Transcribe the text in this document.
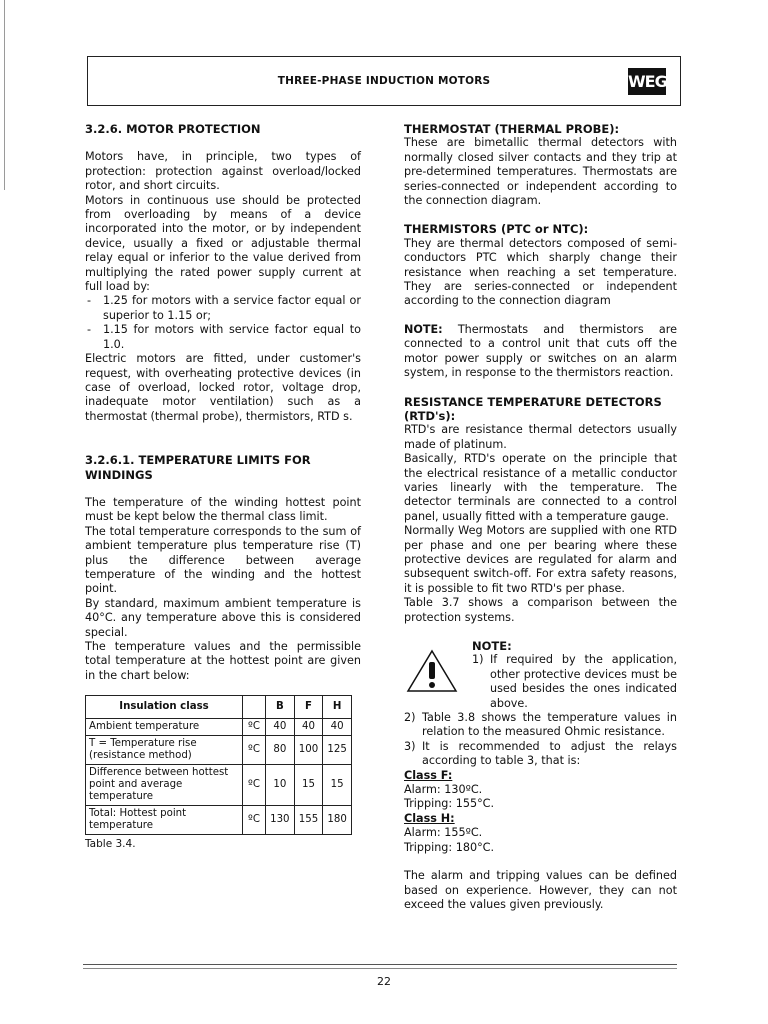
THREE-PHASE INDUCTION MOTORS	WEG
3.2.6. MOTOR PROTECTION

Motors have, in principle, two types of protection: protection against overload/locked rotor, and short circuits.

Motors in continuous use should be protected from overloading by means of a device incorporated into the motor, or by independent device, usually a fixed or adjustable thermal relay equal or inferior to the value derived from multiplying the rated power supply current at full load by:

- 1.25 for motors with a service factor equal or superior to 1.15 or;
- 1.15 for motors with service factor equal to 1.0.

Electric motors are fitted, under customer's request, with overheating protective devices (in case of overload, locked rotor, voltage drop, inadequate motor ventilation) such as a thermostat (thermal probe), thermistors, RTD s.

3.2.6.1. TEMPERATURE LIMITS FOR WINDINGS

The temperature of the winding hottest point must be kept below the thermal class limit.

The total temperature corresponds to the sum of ambient temperature plus temperature rise (T) plus the difference between average temperature of the winding and the hottest point.

By standard, maximum ambient temperature is 40°C. any temperature above this is considered special.

The temperature values and the permissible total temperature at the hottest point are given in the chart below:

Insulation class		B	F	H
Ambient temperature	ºC	40	40	40
T = Temperature rise (resistance method)	ºC	80	100	125
Difference between hottest point and average temperature	ºC	10	15	15
Total: Hottest point temperature	ºC	130	155	180
Table 3.4.
THERMOSTAT (THERMAL PROBE):

These are bimetallic thermal detectors with normally closed silver contacts and they trip at pre-determined temperatures. Thermostats are series-connected or independent according to the connection diagram.

THERMISTORS (PTC or NTC):

They are thermal detectors composed of semi-conductors PTC which sharply change their resistance when reaching a set temperature. They are series-connected or independent according to the connection diagram

NOTE: Thermostats and thermistors are connected to a control unit that cuts off the motor power supply or switches on an alarm system, in response to the thermistors reaction.

RESISTANCE TEMPERATURE DETECTORS (RTD's):

RTD's are resistance thermal detectors usually made of platinum.

Basically, RTD's operate on the principle that the electrical resistance of a metallic conductor varies linearly with the temperature. The detector terminals are connected to a control panel, usually fitted with a temperature gauge.

Normally Weg Motors are supplied with one RTD per phase and one per bearing where these protective devices are regulated for alarm and subsequent switch-off. For extra safety reasons, it is possible to fit two RTD's per phase.

Table 3.7 shows a comparison between the protection systems.

NOTE:
1) If required by the application, other protective devices must be used besides the ones indicated above.
2) Table 3.8 shows the temperature values in relation to the measured Ohmic resistance.
3) It is recommended to adjust the relays according to table 3, that is:
Class F:
Alarm: 130ºC.
Tripping: 155°C.
Class H:
Alarm: 155ºC.
Tripping: 180°C.

The alarm and tripping values can be defined based on experience. However, they can not exceed the values given previously.

22
